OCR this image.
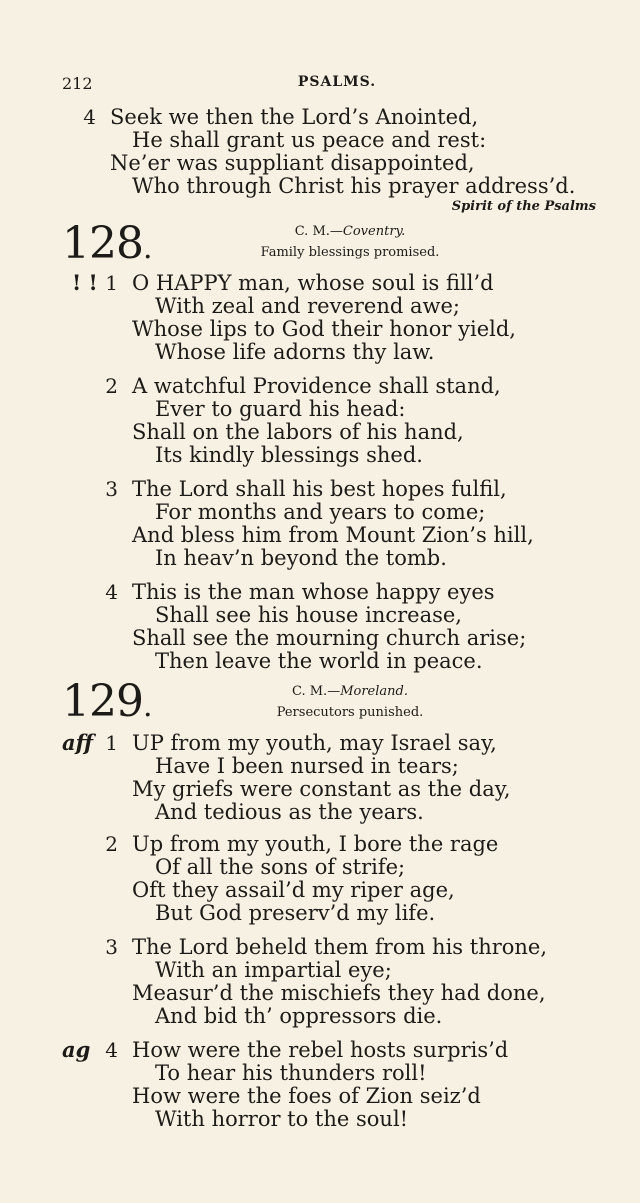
212	PSALMS.
4 Seek we then the Lord’s Anointed,
He shall grant us peace and rest:
Ne’er was suppliant disappointed,
Who through Christ his prayer address’d.
Spirit of the Psalms
128.	C. M.—Coventry.
Family blessings promised.
! ! 1 O HAPPY man, whose soul is fill’d
With zeal and reverend awe;
Whose lips to God their honor yield,
Whose life adorns thy law.
2 A watchful Providence shall stand,
Ever to guard his head:
Shall on the labors of his hand,
Its kindly blessings shed.
3 The Lord shall his best hopes fulfil,
For months and years to come;
And bless him from Mount Zion’s hill,
In heav’n beyond the tomb.
4 This is the man whose happy eyes
Shall see his house increase,
Shall see the mourning church arise;
Then leave the world in peace.
129.	C. M.—Moreland.
Persecutors punished.
aff 1 UP from my youth, may Israel say,
Have I been nursed in tears;
My griefs were constant as the day,
And tedious as the years.
2 Up from my youth, I bore the rage
Of all the sons of strife;
Oft they assail’d my riper age,
But God preserv’d my life.
3 The Lord beheld them from his throne,
With an impartial eye;
Measur’d the mischiefs they had done,
And bid th’ oppressors die.
ag 4 How were the rebel hosts surpris’d
To hear his thunders roll!
How were the foes of Zion seiz’d
With horror to the soul!
